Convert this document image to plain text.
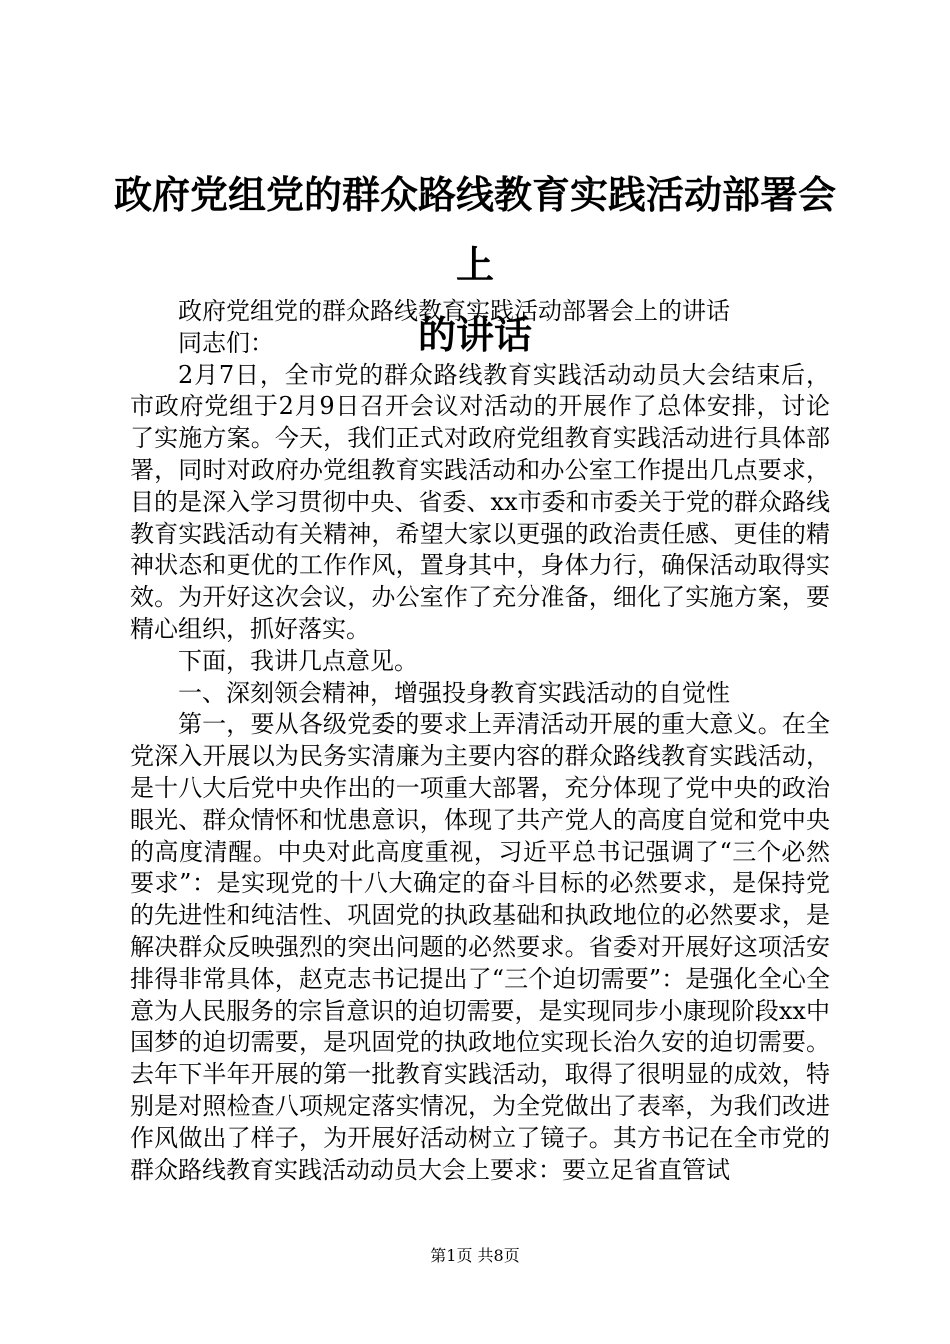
政府党组党的群众路线教育实践活动部署会上
的讲话

政府党组党的群众路线教育实践活动部署会上的讲话

同志们：

2月7日，全市党的群众路线教育实践活动动员大会结束后，市政府党组于2月9日召开会议对活动的开展作了总体安排，讨论了实施方案。今天，我们正式对政府党组教育实践活动进行具体部署，同时对政府办党组教育实践活动和办公室工作提出几点要求，目的是深入学习贯彻中央、省委、xx市委和市委关于党的群众路线教育实践活动有关精神，希望大家以更强的政治责任感、更佳的精神状态和更优的工作作风，置身其中，身体力行，确保活动取得实效。为开好这次会议，办公室作了充分准备，细化了实施方案，要精心组织，抓好落实。

下面，我讲几点意见。

一、深刻领会精神，增强投身教育实践活动的自觉性

第一，要从各级党委的要求上弄清活动开展的重大意义。在全党深入开展以为民务实清廉为主要内容的群众路线教育实践活动，是十八大后党中央作出的一项重大部署，充分体现了党中央的政治眼光、群众情怀和忧患意识，体现了共产党人的高度自觉和党中央的高度清醒。中央对此高度重视，习近平总书记强调了“三个必然要求”：是实现党的十八大确定的奋斗目标的必然要求，是保持党的先进性和纯洁性、巩固党的执政基础和执政地位的必然要求，是解决群众反映强烈的突出问题的必然要求。省委对开展好这项活安排得非常具体，赵克志书记提出了“三个迫切需要”：是强化全心全意为人民服务的宗旨意识的迫切需要，是实现同步小康现阶段xx中国梦的迫切需要，是巩固党的执政地位实现长治久安的迫切需要。去年下半年开展的第一批教育实践活动，取得了很明显的成效，特别是对照检查八项规定落实情况，为全党做出了表率，为我们改进作风做出了样子，为开展好活动树立了镜子。其方书记在全市党的群众路线教育实践活动动员大会上要求：要立足省直管试

第1页 共8页
